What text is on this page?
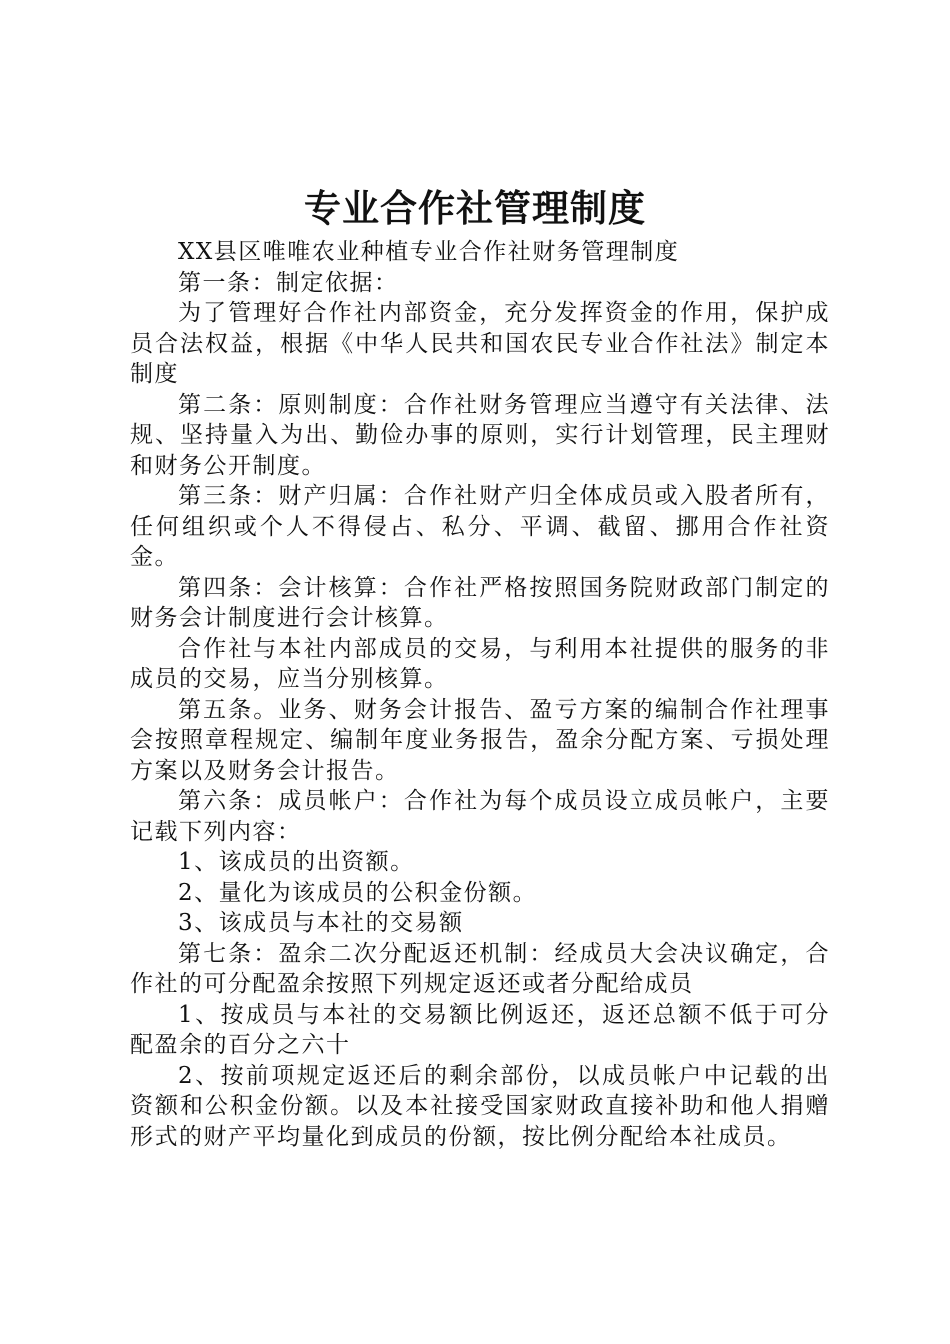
专业合作社管理制度

XX县区唯唯农业种植专业合作社财务管理制度

第一条：制定依据：

为了管理好合作社内部资金，充分发挥资金的作用，保护成员合法权益，根据《中华人民共和国农民专业合作社法》制定本制度

第二条：原则制度：合作社财务管理应当遵守有关法律、法规、坚持量入为出、勤俭办事的原则，实行计划管理，民主理财和财务公开制度。

第三条：财产归属：合作社财产归全体成员或入股者所有，任何组织或个人不得侵占、私分、平调、截留、挪用合作社资金。

第四条：会计核算：合作社严格按照国务院财政部门制定的财务会计制度进行会计核算。

合作社与本社内部成员的交易，与利用本社提供的服务的非成员的交易，应当分别核算。

第五条。业务、财务会计报告、盈亏方案的编制合作社理事会按照章程规定、编制年度业务报告，盈余分配方案、亏损处理方案以及财务会计报告。

第六条：成员帐户：合作社为每个成员设立成员帐户，主要记载下列内容：

1、该成员的出资额。

2、量化为该成员的公积金份额。

3、该成员与本社的交易额

第七条：盈余二次分配返还机制：经成员大会决议确定，合作社的可分配盈余按照下列规定返还或者分配给成员

1、按成员与本社的交易额比例返还，返还总额不低于可分配盈余的百分之六十

2、按前项规定返还后的剩余部份，以成员帐户中记载的出资额和公积金份额。以及本社接受国家财政直接补助和他人捐赠形式的财产平均量化到成员的份额，按比例分配给本社成员。
